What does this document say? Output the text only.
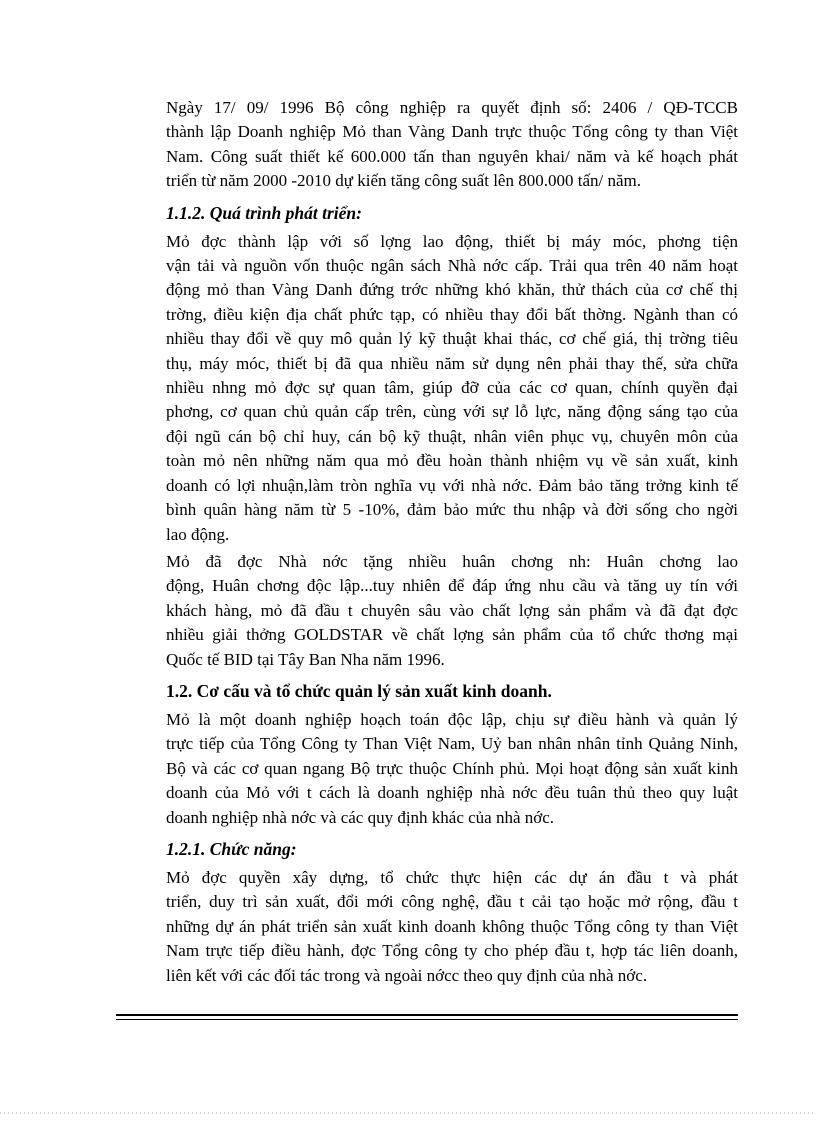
Ngày 17/ 09/ 1996 Bộ công nghiệp ra quyết định số: 2406 / QĐ-TCCB
thành lập Doanh nghiệp Mỏ than Vàng Danh trực thuộc Tổng công ty than Việt
Nam. Công suất thiết kế 600.000 tấn than nguyên khai/ năm và kế hoạch phát
triển từ năm 2000 -2010 dự kiến tăng công suất lên 800.000 tấn/ năm.

1.1.2. Quá trình phát triển:

Mỏ đợc thành lập với số lợng lao động, thiết bị máy móc, phơng tiện
vận tải và nguồn vốn thuộc ngân sách Nhà nớc cấp. Trải qua trên 40 năm hoạt
động mỏ than Vàng Danh đứng trớc những khó khăn, thử thách của cơ chế thị
trờng, điều kiện địa chất phức tạp, có nhiều thay đổi bất thờng. Ngành than có
nhiều thay đổi về quy mô quản lý kỹ thuật khai thác, cơ chế giá, thị trờng tiêu
thụ, máy móc, thiết bị đã qua nhiều năm sử dụng nên phải thay thế, sửa chữa
nhiều nhng mỏ đợc sự quan tâm, giúp đỡ của các cơ quan, chính quyền đại
phơng, cơ quan chủ quản cấp trên, cùng với sự lỗ lực, năng động sáng tạo của
đội ngũ cán bộ chỉ huy, cán bộ kỹ thuật, nhân viên phục vụ, chuyên môn của
toàn mỏ nên những năm qua mỏ đều hoàn thành nhiệm vụ về sản xuất, kinh
doanh có lợi nhuận,làm tròn nghĩa vụ với nhà nớc. Đảm bảo tăng trởng kinh tế
bình quân hàng năm từ 5 -10%, đảm bảo mức thu nhập và đời sống cho ngời
lao động.

Mỏ đã đợc Nhà nớc tặng nhiều huân chơng nh: Huân chơng lao
động, Huân chơng độc lập...tuy nhiên để đáp ứng nhu cầu và tăng uy tín với
khách hàng, mỏ đã đầu t chuyên sâu vào chất lợng sản phẩm và đã đạt đợc
nhiều giải thởng GOLDSTAR về chất lợng sản phẩm của tổ chức thơng mại
Quốc tế BID tại Tây Ban Nha năm 1996.

1.2. Cơ cấu và tổ chức quản lý sản xuất kinh doanh.

Mỏ là một doanh nghiệp hoạch toán độc lập, chịu sự điều hành và quản lý
trực tiếp của Tổng Công ty Than Việt Nam, Uỷ ban nhân nhân tỉnh Quảng Ninh,
Bộ và các cơ quan ngang Bộ trực thuộc Chính phủ. Mọi hoạt động sản xuất kinh
doanh của Mỏ với t cách là doanh nghiệp nhà nớc đều tuân thủ theo quy luật
doanh nghiệp nhà nớc và các quy định khác của nhà nớc.

1.2.1. Chức năng:

Mỏ đợc quyền xây dựng, tổ chức thực hiện các dự án đầu t và phát
triển, duy trì sản xuất, đổi mới công nghệ, đầu t cải tạo hoặc mở rộng, đầu t
những dự án phát triển sản xuất kinh doanh không thuộc Tổng công ty than Việt
Nam trực tiếp điều hành, đợc Tổng công ty cho phép đầu t, hợp tác liên doanh,
liên kết với các đối tác trong và ngoài nớcc theo quy định của nhà nớc.
